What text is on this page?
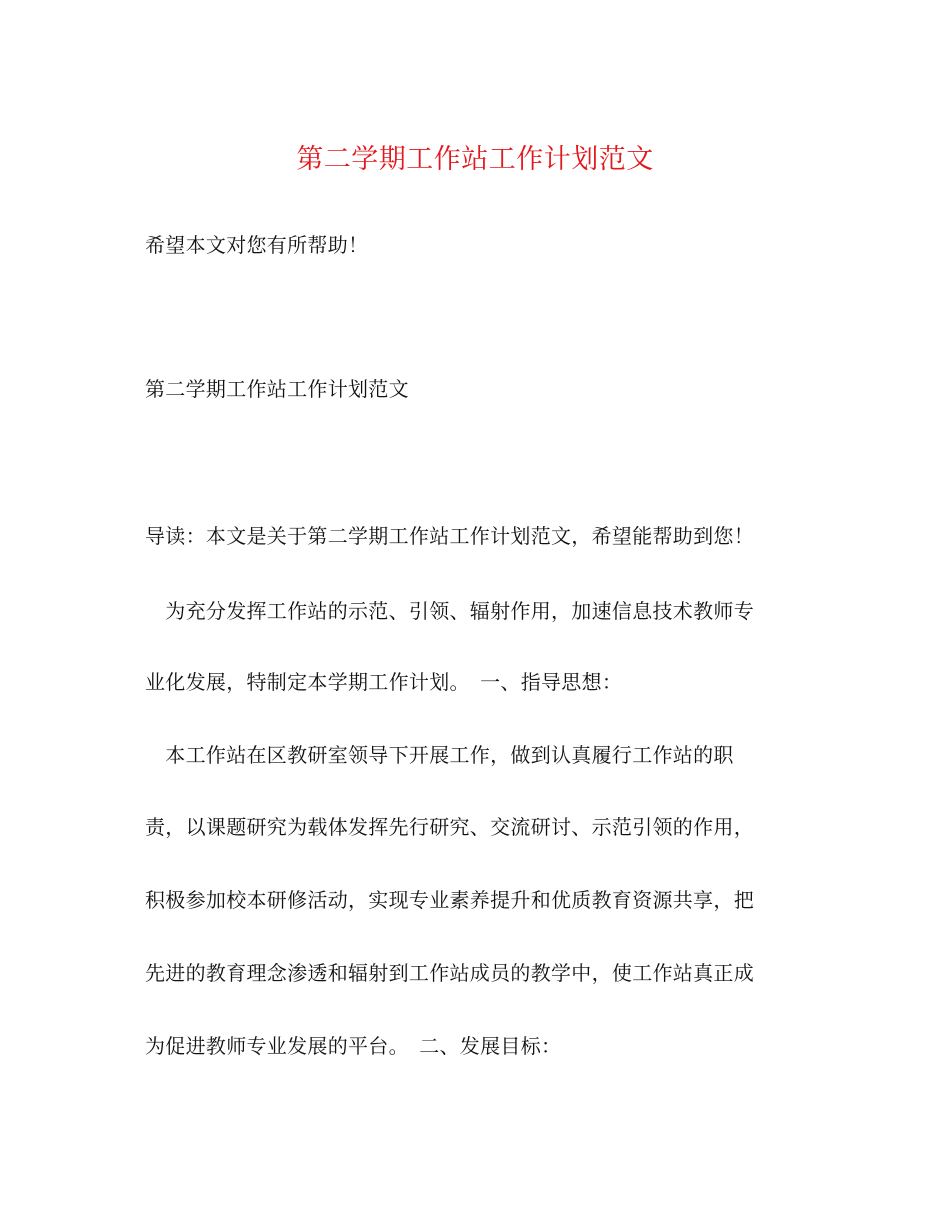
第二学期工作站工作计划范文
希望本文对您有所帮助！
第二学期工作站工作计划范文
导读：本文是关于第二学期工作站工作计划范文，希望能帮助到您！
　为充分发挥工作站的示范、引领、辐射作用，加速信息技术教师专
业化发展，特制定本学期工作计划。　一、指导思想：
　本工作站在区教研室领导下开展工作，做到认真履行工作站的职
责，以课题研究为载体发挥先行研究、交流研讨、示范引领的作用，
积极参加校本研修活动，实现专业素养提升和优质教育资源共享，把
先进的教育理念渗透和辐射到工作站成员的教学中，使工作站真正成
为促进教师专业发展的平台。　二、发展目标：
